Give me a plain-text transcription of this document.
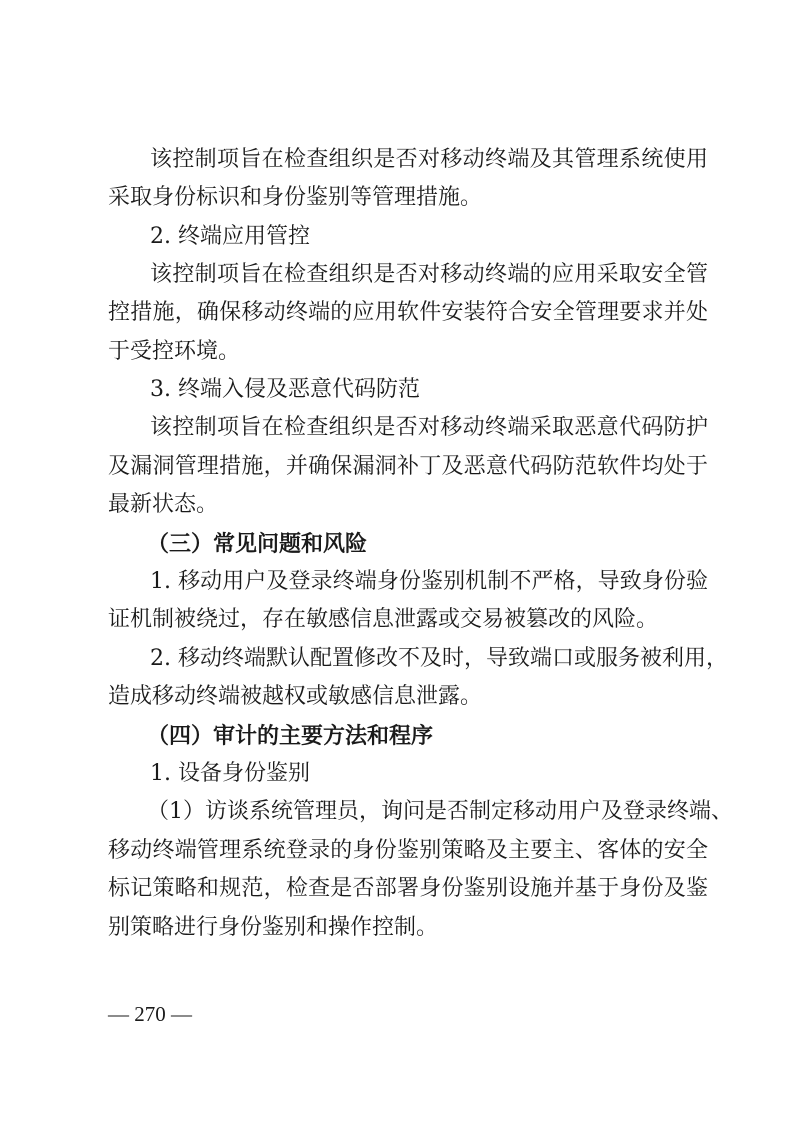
该控制项旨在检查组织是否对移动终端及其管理系统使用
采取身份标识和身份鉴别等管理措施。
2. 终端应用管控
该控制项旨在检查组织是否对移动终端的应用采取安全管
控措施，确保移动终端的应用软件安装符合安全管理要求并处
于受控环境。
3. 终端入侵及恶意代码防范
该控制项旨在检查组织是否对移动终端采取恶意代码防护
及漏洞管理措施，并确保漏洞补丁及恶意代码防范软件均处于
最新状态。
（三）常见问题和风险
1. 移动用户及登录终端身份鉴别机制不严格，导致身份验
证机制被绕过，存在敏感信息泄露或交易被篡改的风险。
2. 移动终端默认配置修改不及时，导致端口或服务被利用，
造成移动终端被越权或敏感信息泄露。
（四）审计的主要方法和程序
1. 设备身份鉴别
（1）访谈系统管理员，询问是否制定移动用户及登录终端、
移动终端管理系统登录的身份鉴别策略及主要主、客体的安全
标记策略和规范，检查是否部署身份鉴别设施并基于身份及鉴
别策略进行身份鉴别和操作控制。
— 270 —
